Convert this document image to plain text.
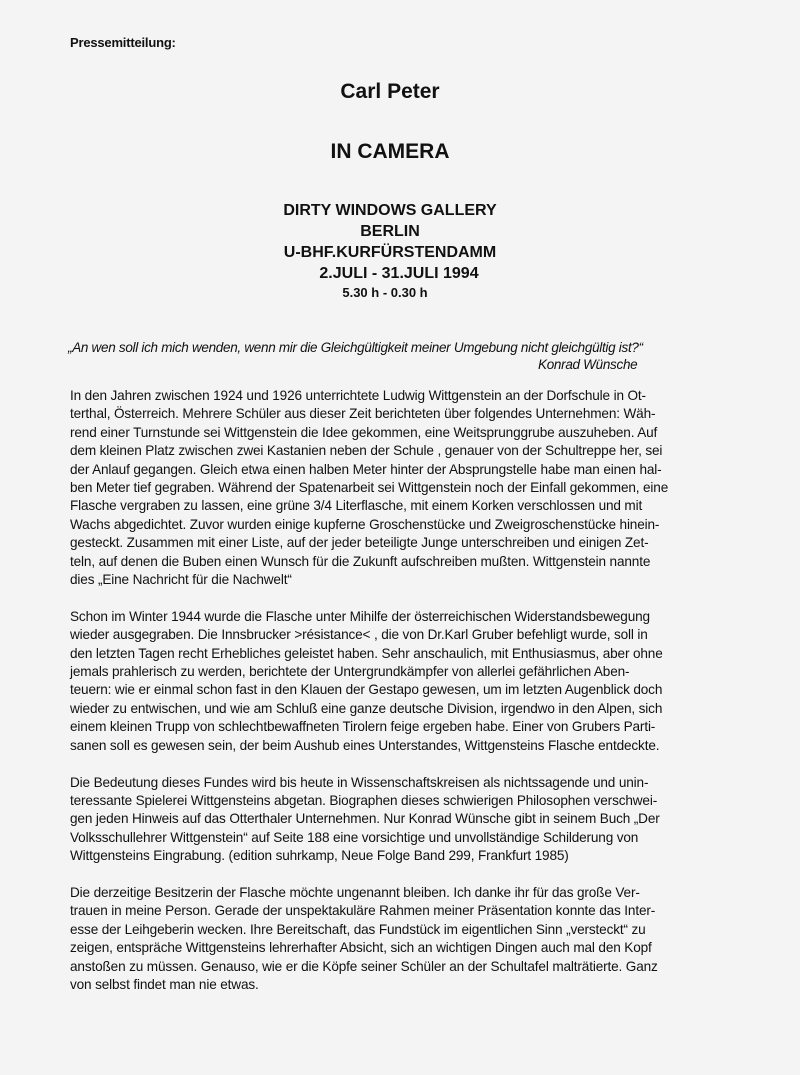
Pressemitteilung:
Carl Peter
IN CAMERA
DIRTY WINDOWS GALLERY
BERLIN
U-BHF.KURFÜRSTENDAMM
2.JULI - 31.JULI 1994
5.30 h - 0.30 h
„An wen soll ich mich wenden, wenn mir die Gleichgültigkeit meiner Umgebung nicht gleichgültig ist?“
Konrad Wünsche
In den Jahren zwischen 1924 und 1926 unterrichtete Ludwig Wittgenstein an der Dorfschule in Ot-
terthal, Österreich. Mehrere Schüler aus dieser Zeit berichteten über folgendes Unternehmen: Wäh-
rend einer Turnstunde sei Wittgenstein die Idee gekommen, eine Weitsprunggrube auszuheben. Auf
dem kleinen Platz zwischen zwei Kastanien neben der Schule , genauer von der Schultreppe her, sei
der Anlauf gegangen. Gleich etwa einen halben Meter hinter der Absprungstelle habe man einen hal-
ben Meter tief gegraben. Während der Spatenarbeit sei Wittgenstein noch der Einfall gekommen, eine
Flasche vergraben zu lassen, eine grüne 3/4 Literflasche, mit einem Korken verschlossen und mit
Wachs abgedichtet. Zuvor wurden einige kupferne Groschenstücke und Zweigroschenstücke hinein-
gesteckt. Zusammen mit einer Liste, auf der jeder beteiligte Junge unterschreiben und einigen Zet-
teln, auf denen die Buben einen Wunsch für die Zukunft aufschreiben mußten. Wittgenstein nannte
dies „Eine Nachricht für die Nachwelt“
Schon im Winter 1944 wurde die Flasche unter Mihilfe der österreichischen Widerstandsbewegung
wieder ausgegraben. Die Innsbrucker >résistance< , die von Dr.Karl Gruber befehligt wurde, soll in
den letzten Tagen recht Erhebliches geleistet haben. Sehr anschaulich, mit Enthusiasmus, aber ohne
jemals prahlerisch zu werden, berichtete der Untergrundkämpfer von allerlei gefährlichen Aben-
teuern: wie er einmal schon fast in den Klauen der Gestapo gewesen, um im letzten Augenblick doch
wieder zu entwischen, und wie am Schluß eine ganze deutsche Division, irgendwo in den Alpen, sich
einem kleinen Trupp von schlechtbewaffneten Tirolern feige ergeben habe. Einer von Grubers Parti-
sanen soll es gewesen sein, der beim Aushub eines Unterstandes, Wittgensteins Flasche entdeckte.
Die Bedeutung dieses Fundes wird bis heute in Wissenschaftskreisen als nichtssagende und unin-
teressante Spielerei Wittgensteins abgetan. Biographen dieses schwierigen Philosophen verschwei-
gen jeden Hinweis auf das Otterthaler Unternehmen. Nur Konrad Wünsche gibt in seinem Buch „Der
Volksschullehrer Wittgenstein“ auf Seite 188 eine vorsichtige und unvollständige Schilderung von
Wittgensteins Eingrabung. (edition suhrkamp, Neue Folge Band 299, Frankfurt 1985)
Die derzeitige Besitzerin der Flasche möchte ungenannt bleiben. Ich danke ihr für das große Ver-
trauen in meine Person. Gerade der unspektakuläre Rahmen meiner Präsentation konnte das Inter-
esse der Leihgeberin wecken. Ihre Bereitschaft, das Fundstück im eigentlichen Sinn „versteckt“ zu
zeigen, entspräche Wittgensteins lehrerhafter Absicht, sich an wichtigen Dingen auch mal den Kopf
anstoßen zu müssen. Genauso, wie er die Köpfe seiner Schüler an der Schultafel malträtierte. Ganz
von selbst findet man nie etwas.
